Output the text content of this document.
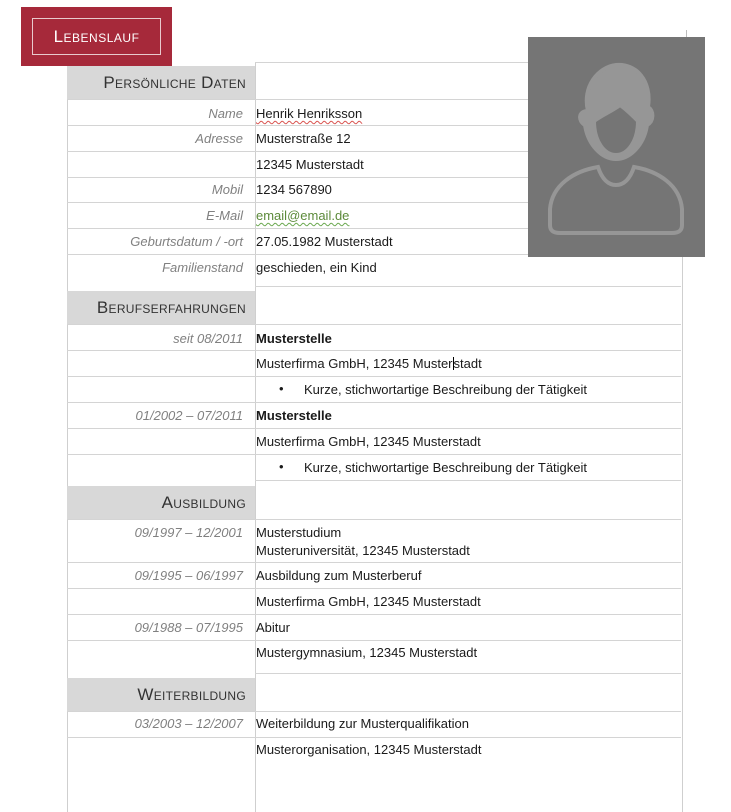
Lebenslauf
Persönliche Daten
Name Henrik Henriksson
Adresse Musterstraße 12
12345 Musterstadt
Mobil 1234 567890
E-Mail email@email.de
Geburtsdatum / -ort 27.05.1982 Musterstadt
Familienstand geschieden, ein Kind
Berufserfahrungen
seit 08/2011 Musterstelle
Musterfirma GmbH, 12345 Musterstadt
• Kurze, stichwortartige Beschreibung der Tätigkeit
01/2002 – 07/2011 Musterstelle
Musterfirma GmbH, 12345 Musterstadt
• Kurze, stichwortartige Beschreibung der Tätigkeit
Ausbildung
09/1997 – 12/2001 Musterstudium
Musteruniversität, 12345 Musterstadt
09/1995 – 06/1997 Ausbildung zum Musterberuf
Musterfirma GmbH, 12345 Musterstadt
09/1988 – 07/1995 Abitur
Mustergymnasium, 12345 Musterstadt
Weiterbildung
03/2003 – 12/2007 Weiterbildung zur Musterqualifikation
Musterorganisation, 12345 Musterstadt
